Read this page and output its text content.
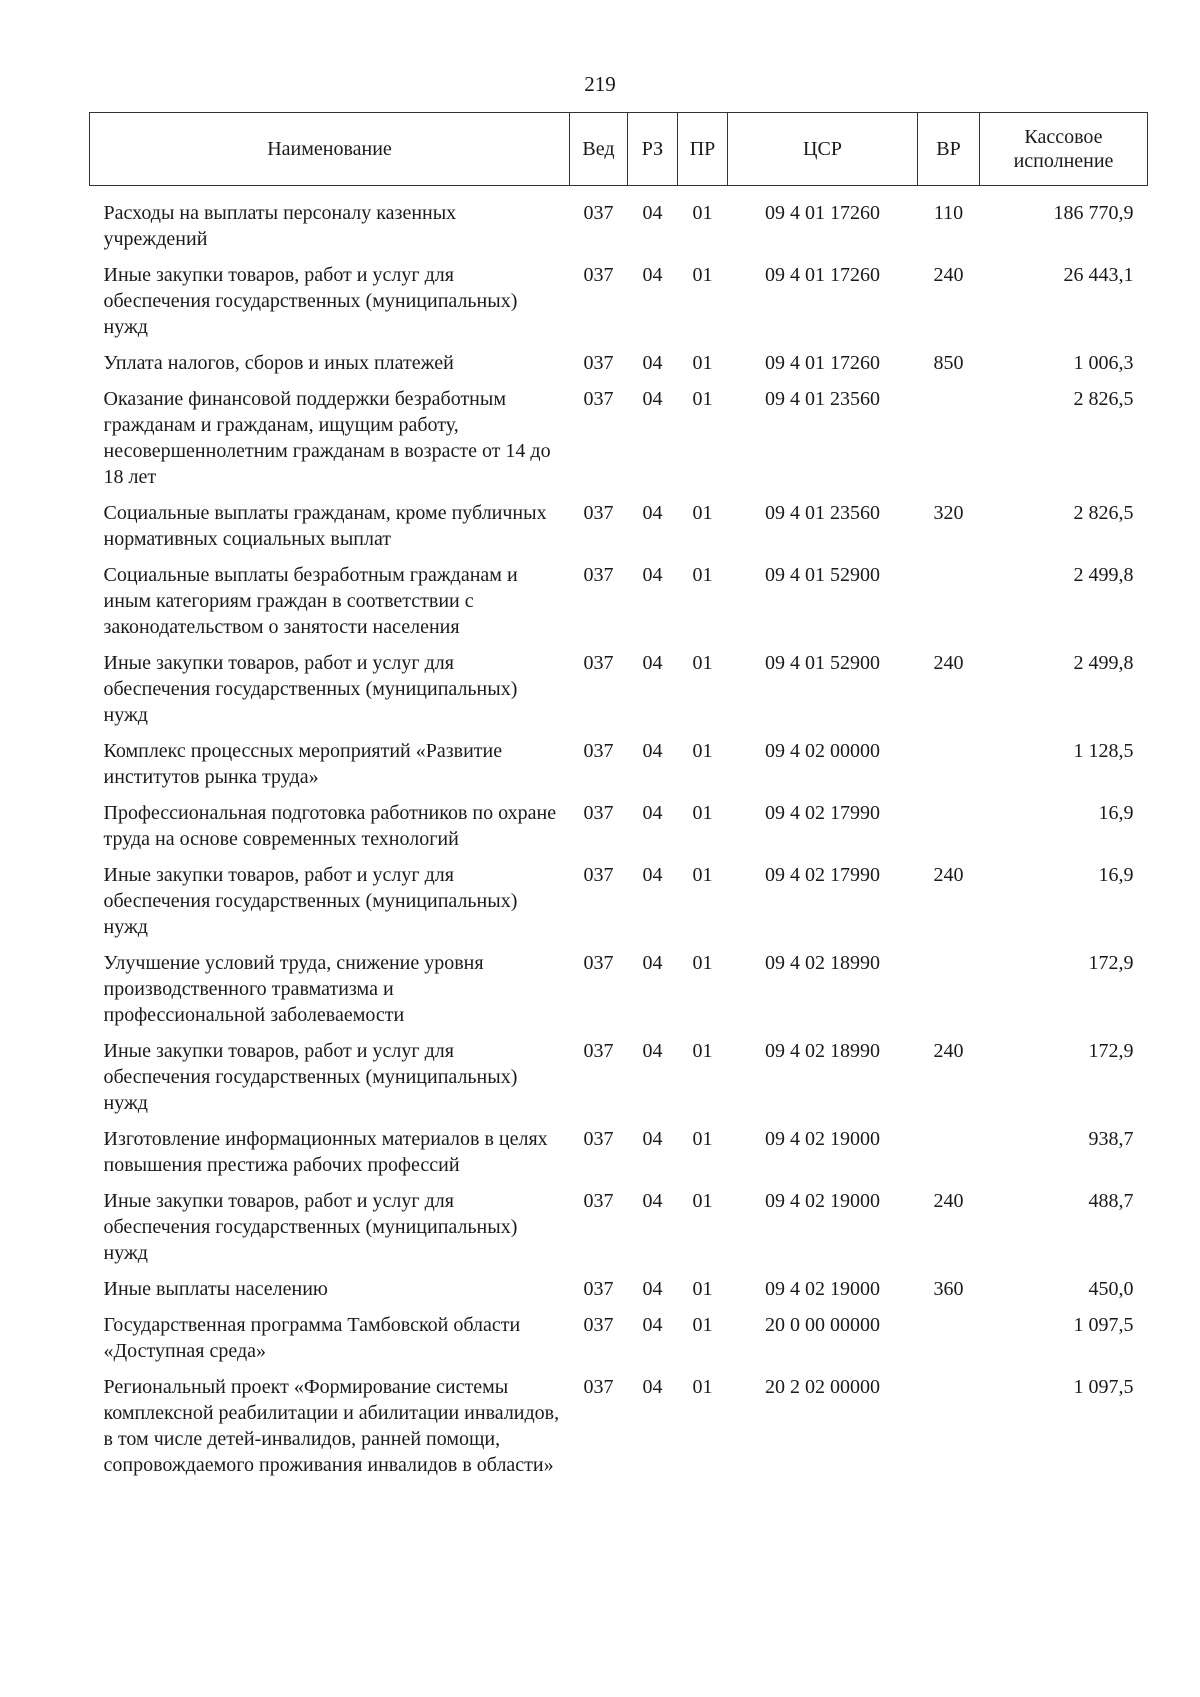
219
Наименование	Вед	РЗ	ПР	ЦСР	ВР	Кассовое исполнение
Расходы на выплаты персоналу казенных учреждений	037	04	01	09 4 01 17260	110	186 770,9
Иные закупки товаров, работ и услуг для обеспечения государственных (муниципальных) нужд	037	04	01	09 4 01 17260	240	26 443,1
Уплата налогов, сборов и иных платежей	037	04	01	09 4 01 17260	850	1 006,3
Оказание финансовой поддержки безработным гражданам и гражданам, ищущим работу, несовершеннолетним гражданам в возрасте от 14 до 18 лет	037	04	01	09 4 01 23560		2 826,5
Социальные выплаты гражданам, кроме публичных нормативных социальных выплат	037	04	01	09 4 01 23560	320	2 826,5
Социальные выплаты безработным гражданам и иным категориям граждан в соответствии с законодательством о занятости населения	037	04	01	09 4 01 52900		2 499,8
Иные закупки товаров, работ и услуг для обеспечения государственных (муниципальных) нужд	037	04	01	09 4 01 52900	240	2 499,8
Комплекс процессных мероприятий «Развитие институтов рынка труда»	037	04	01	09 4 02 00000		1 128,5
Профессиональная подготовка работников по охране труда на основе современных технологий	037	04	01	09 4 02 17990		16,9
Иные закупки товаров, работ и услуг для обеспечения государственных (муниципальных) нужд	037	04	01	09 4 02 17990	240	16,9
Улучшение условий труда, снижение уровня производственного травматизма и профессиональной заболеваемости	037	04	01	09 4 02 18990		172,9
Иные закупки товаров, работ и услуг для обеспечения государственных (муниципальных) нужд	037	04	01	09 4 02 18990	240	172,9
Изготовление информационных материалов в целях повышения престижа рабочих профессий	037	04	01	09 4 02 19000		938,7
Иные закупки товаров, работ и услуг для обеспечения государственных (муниципальных) нужд	037	04	01	09 4 02 19000	240	488,7
Иные выплаты населению	037	04	01	09 4 02 19000	360	450,0
Государственная программа Тамбовской области «Доступная среда»	037	04	01	20 0 00 00000		1 097,5
Региональный проект «Формирование системы комплексной реабилитации и абилитации инвалидов, в том числе детей-инвалидов, ранней помощи, сопровождаемого проживания инвалидов в области»	037	04	01	20 2 02 00000		1 097,5
